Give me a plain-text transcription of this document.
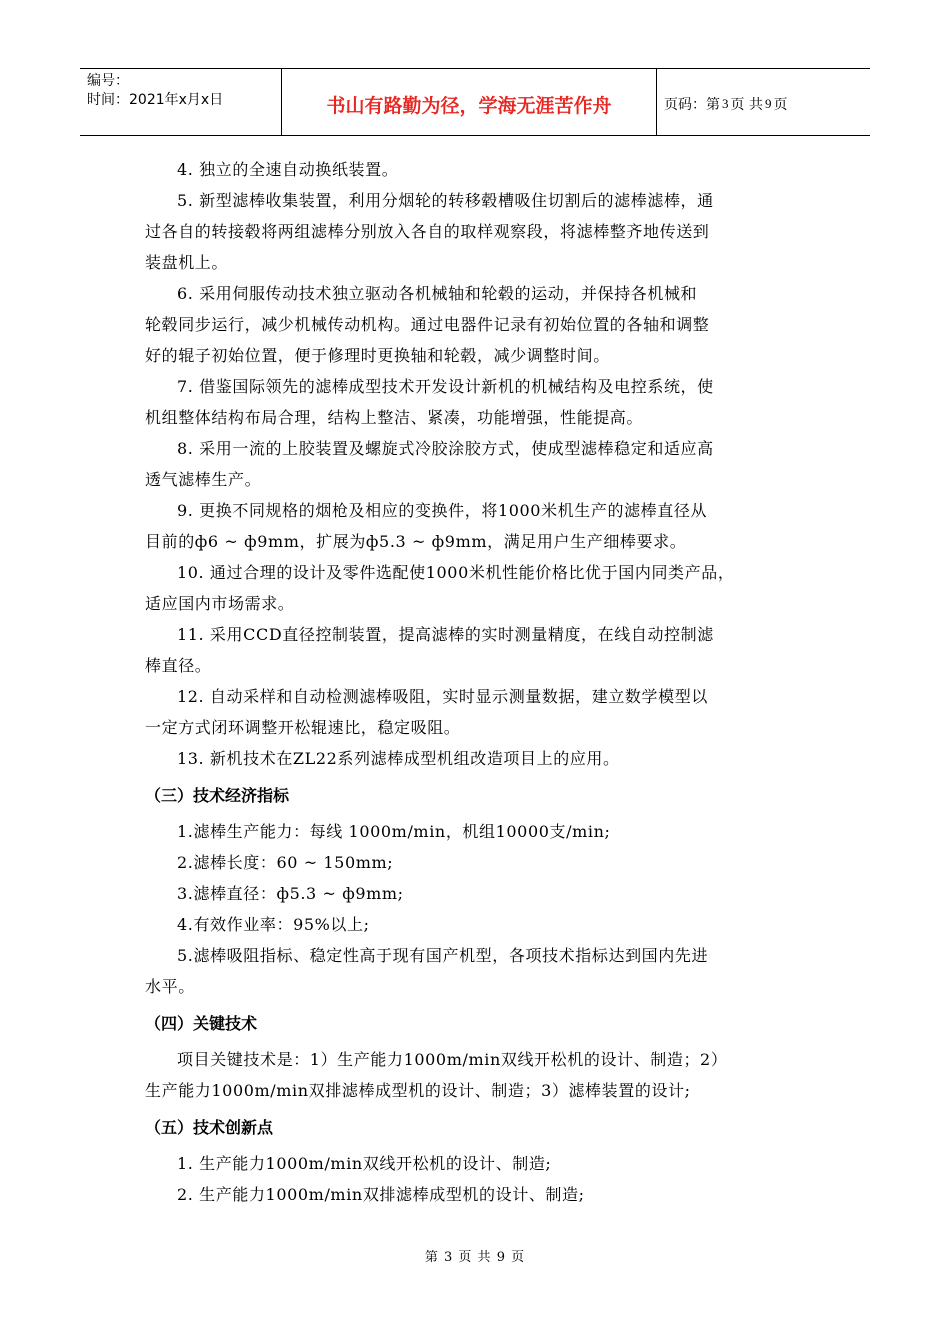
编号：
时间：2021年x月x日	书山有路勤为径，学海无涯苦作舟	页码：第 3 页
共 9 页

4. 独立的全速自动换纸装置。

5. 新型滤棒收集装置，利用分烟轮的转移毂槽吸住切割后的滤棒滤棒，通

过各自的转接毂将两组滤棒分别放入各自的取样观察段，将滤棒整齐地传送到

装盘机上。

6. 采用伺服传动技术独立驱动各机械轴和轮毂的运动，并保持各机械和

轮毂同步运行，减少机械传动机构。通过电器件记录有初始位置的各轴和调整

好的辊子初始位置，便于修理时更换轴和轮毂，减少调整时间。

7. 借鉴国际领先的滤棒成型技术开发设计新机的机械结构及电控系统，使

机组整体结构布局合理，结构上整洁、紧凑，功能增强，性能提高。

8. 采用一流的上胶装置及螺旋式冷胶涂胶方式，使成型滤棒稳定和适应高

透气滤棒生产。

9. 更换不同规格的烟枪及相应的变换件，将1000米机生产的滤棒直径从

目前的ф6 ~ ф9mm，扩展为ф5.3 ~ ф9mm，满足用户生产细棒要求。

10. 通过合理的设计及零件选配使1000米机性能价格比优于国内同类产品，

适应国内市场需求。

11. 采用CCD直径控制装置，提高滤棒的实时测量精度，在线自动控制滤

棒直径。

12. 自动采样和自动检测滤棒吸阻，实时显示测量数据，建立数学模型以

一定方式闭环调整开松辊速比，稳定吸阻。

13. 新机技术在ZL22系列滤棒成型机组改造项目上的应用。

（三）技术经济指标

1.滤棒生产能力：每线 1000m/min，机组10000支/min;

2.滤棒长度：60 ~ 150mm;

3.滤棒直径：ф5.3 ~ ф9mm;

4.有效作业率：95%以上;

5.滤棒吸阻指标、稳定性高于现有国产机型，各项技术指标达到国内先进

水平。

（四）关键技术

项目关键技术是：1）生产能力1000m/min双线开松机的设计、制造；2）

生产能力1000m/min双排滤棒成型机的设计、制造；3）滤棒装置的设计;

（五）技术创新点

1. 生产能力1000m/min双线开松机的设计、制造;

2. 生产能力1000m/min双排滤棒成型机的设计、制造;

第 3 页 共 9 页
